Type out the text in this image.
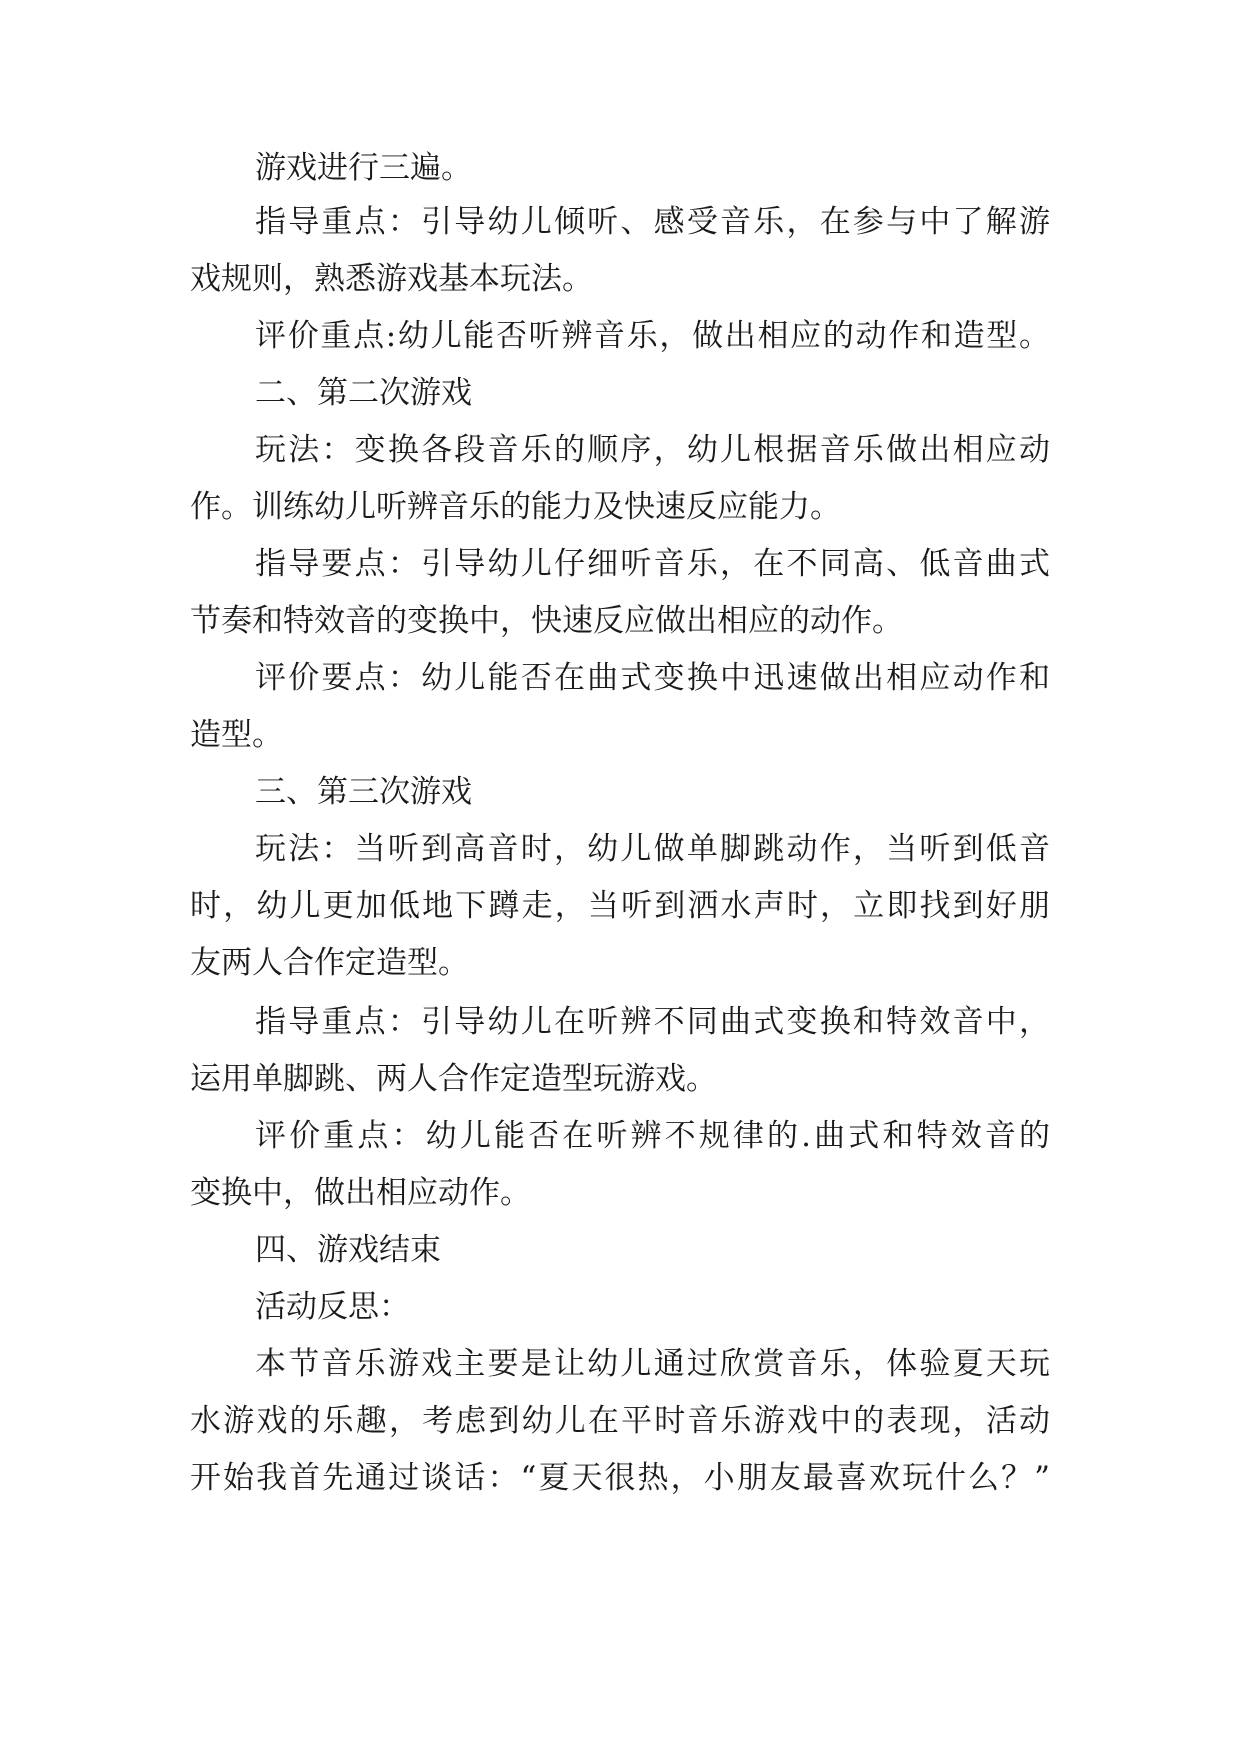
游戏进行三遍。
指导重点：引导幼儿倾听、感受音乐，在参与中了解游
戏规则，熟悉游戏基本玩法。
评价重点:幼儿能否听辨音乐，做出相应的动作和造型。
二、第二次游戏
玩法：变换各段音乐的顺序，幼儿根据音乐做出相应动
作。训练幼儿听辨音乐的能力及快速反应能力。
指导要点：引导幼儿仔细听音乐，在不同高、低音曲式
节奏和特效音的变换中，快速反应做出相应的动作。
评价要点：幼儿能否在曲式变换中迅速做出相应动作和
造型。
三、第三次游戏
玩法：当听到高音时，幼儿做单脚跳动作，当听到低音
时，幼儿更加低地下蹲走，当听到洒水声时，立即找到好朋
友两人合作定造型。
指导重点：引导幼儿在听辨不同曲式变换和特效音中，
运用单脚跳、两人合作定造型玩游戏。
评价重点：幼儿能否在听辨不规律的.曲式和特效音的
变换中，做出相应动作。
四、游戏结束
活动反思：
本节音乐游戏主要是让幼儿通过欣赏音乐，体验夏天玩
水游戏的乐趣，考虑到幼儿在平时音乐游戏中的表现，活动
开始我首先通过谈话：“夏天很热，小朋友最喜欢玩什么？”
